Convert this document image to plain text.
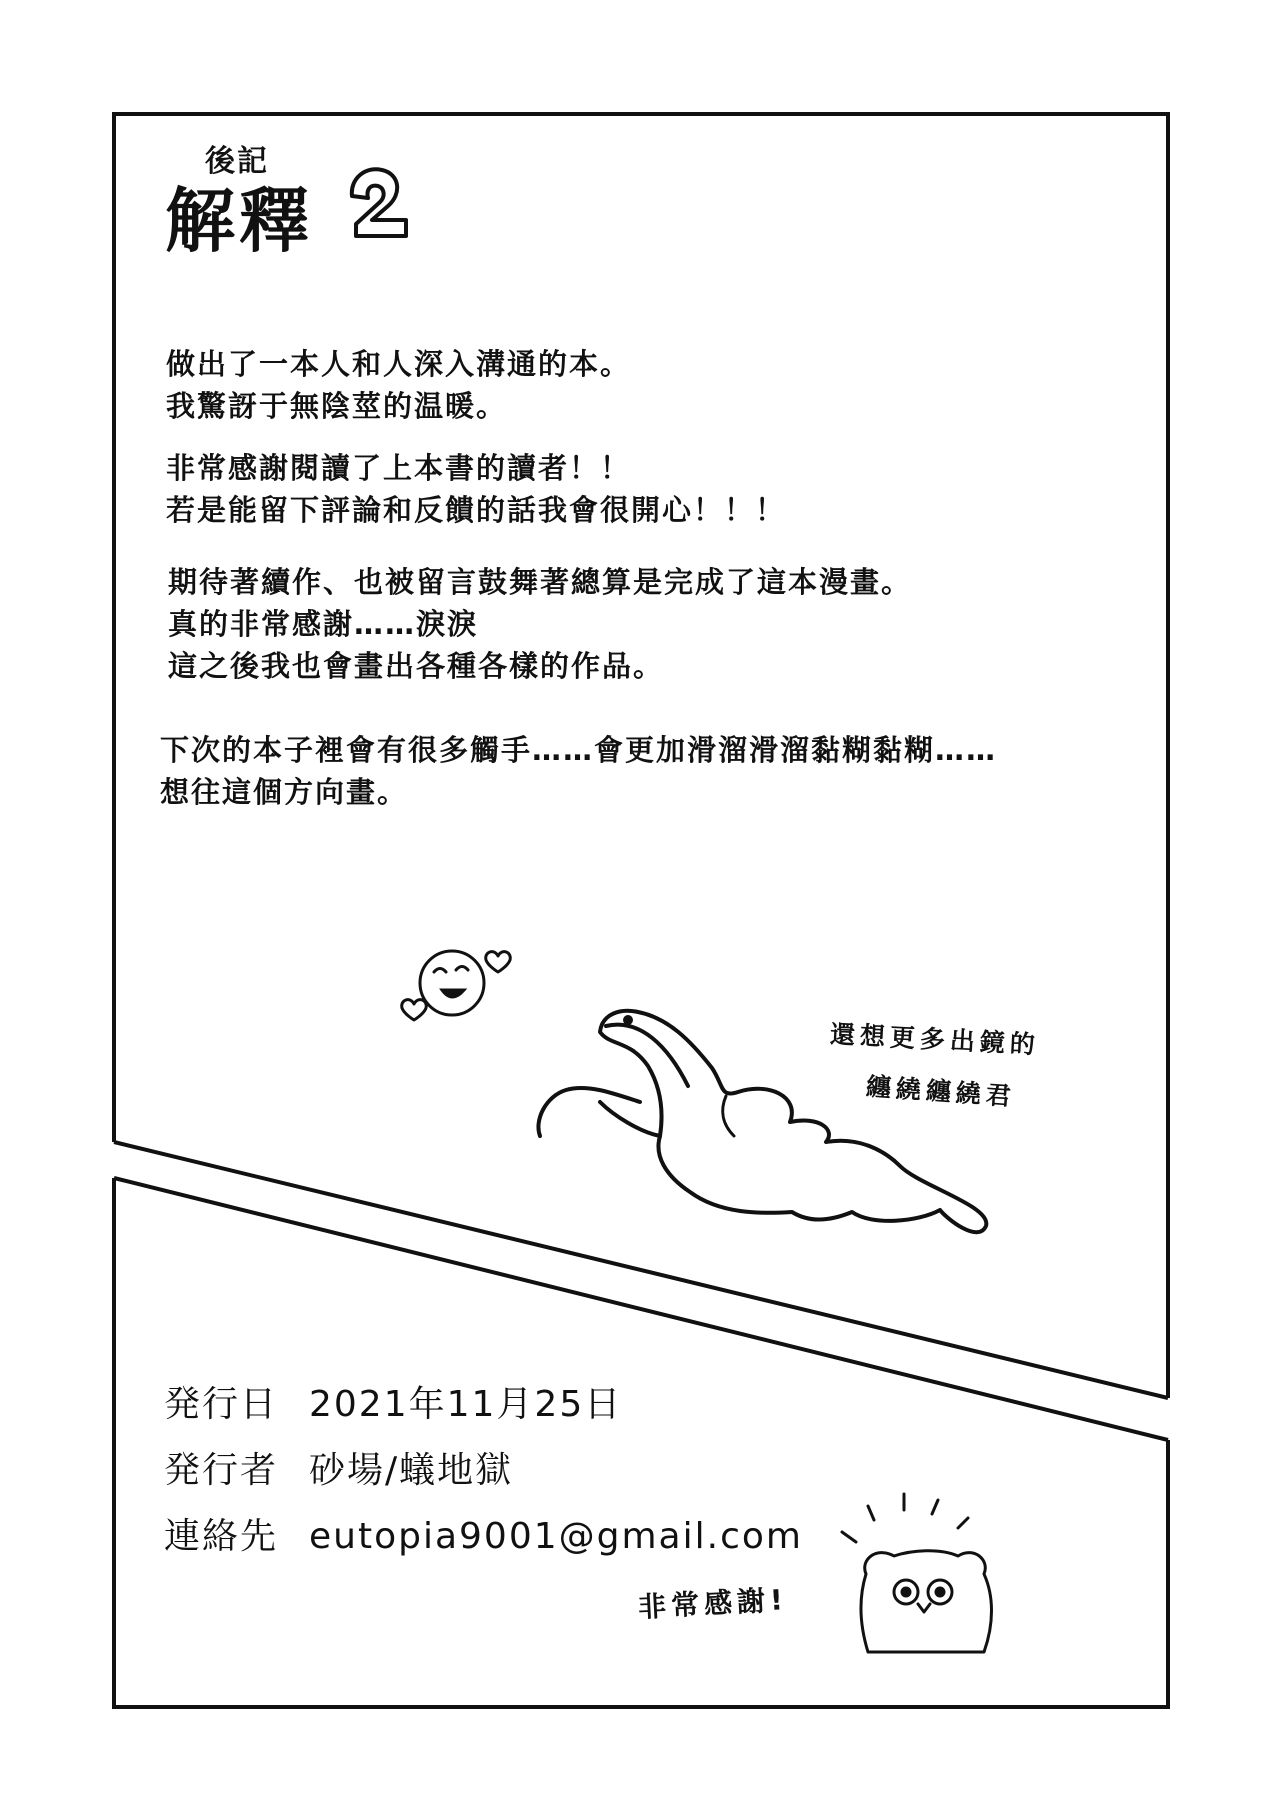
後記
解釋
做出了一本人和人深入溝通的本。
我驚訝于無陰莖的温暖。
非常感謝閱讀了上本書的讀者！！
若是能留下評論和反饋的話我會很開心！！！
期待著續作、也被留言鼓舞著總算是完成了這本漫畫。
真的非常感謝……淚淚
這之後我也會畫出各種各樣的作品。
下次的本子裡會有很多觸手……會更加滑溜滑溜黏糊黏糊……
想往這個方向畫。
還想更多出鏡的
纏繞纏繞君
発行日 2021年11月25日
発行者 砂場/蟻地獄
連絡先 eutopia9001@gmail.com
非常感謝!
